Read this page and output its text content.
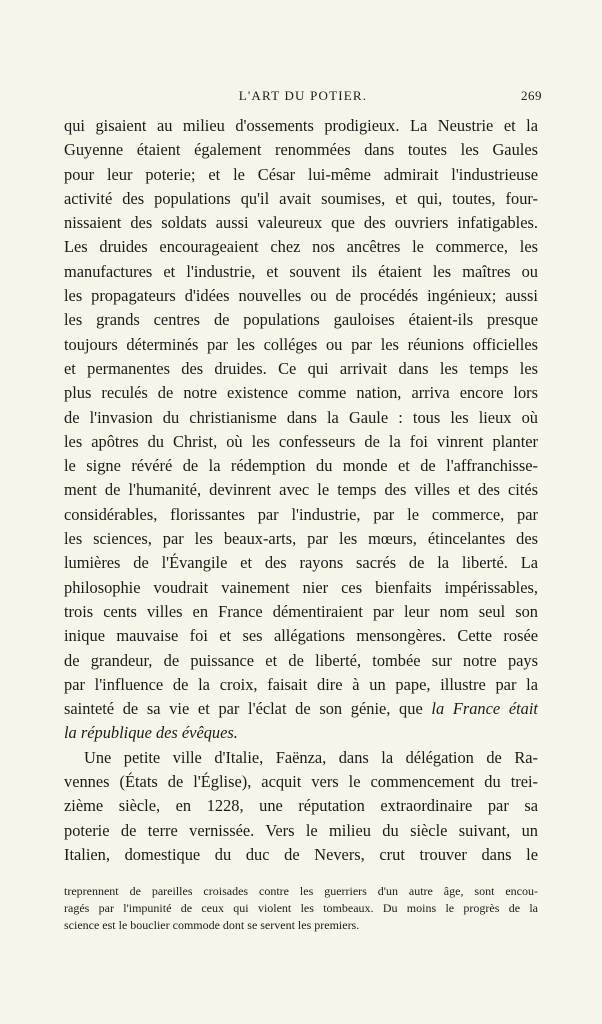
L'ART DU POTIER.	269
qui gisaient au milieu d'ossements prodigieux. La Neustrie et la
Guyenne étaient également renommées dans toutes les Gaules
pour leur poterie; et le César lui-même admirait l'industrieuse
activité des populations qu'il avait soumises, et qui, toutes, four-
nissaient des soldats aussi valeureux que des ouvriers infatigables.
Les druides encourageaient chez nos ancêtres le commerce, les
manufactures et l'industrie, et souvent ils étaient les maîtres ou
les propagateurs d'idées nouvelles ou de procédés ingénieux; aussi
les grands centres de populations gauloises étaient-ils presque
toujours déterminés par les colléges ou par les réunions officielles
et permanentes des druides. Ce qui arrivait dans les temps les
plus reculés de notre existence comme nation, arriva encore lors
de l'invasion du christianisme dans la Gaule : tous les lieux où
les apôtres du Christ, où les confesseurs de la foi vinrent planter
le signe révéré de la rédemption du monde et de l'affranchisse-
ment de l'humanité, devinrent avec le temps des villes et des cités
considérables, florissantes par l'industrie, par le commerce, par
les sciences, par les beaux-arts, par les mœurs, étincelantes des
lumières de l'Évangile et des rayons sacrés de la liberté. La
philosophie voudrait vainement nier ces bienfaits impérissables,
trois cents villes en France démentiraient par leur nom seul son
inique mauvaise foi et ses allégations mensongères. Cette rosée
de grandeur, de puissance et de liberté, tombée sur notre pays
par l'influence de la croix, faisait dire à un pape, illustre par la
sainteté de sa vie et par l'éclat de son génie, que la France était
la république des évêques.
Une petite ville d'Italie, Faënza, dans la délégation de Ra-
vennes (États de l'Église), acquit vers le commencement du trei-
zième siècle, en 1228, une réputation extraordinaire par sa
poterie de terre vernissée. Vers le milieu du siècle suivant, un
Italien, domestique du duc de Nevers, crut trouver dans le
treprennent de pareilles croisades contre les guerriers d'un autre âge, sont encou-
ragés par l'impunité de ceux qui violent les tombeaux. Du moins le progrès de la
science est le bouclier commode dont se servent les premiers.
